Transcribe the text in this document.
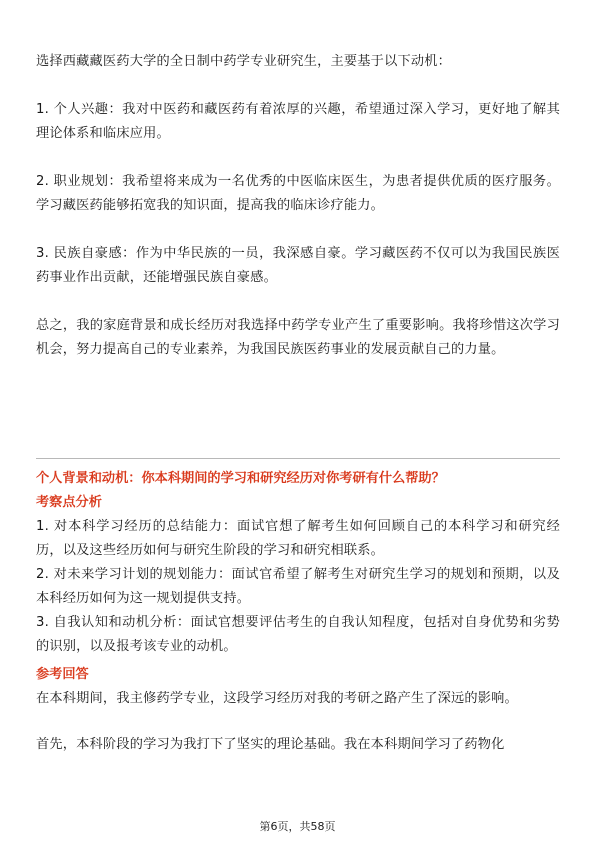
选择西藏藏医药大学的全日制中药学专业研究生，主要基于以下动机：

1. 个人兴趣：我对中医药和藏医药有着浓厚的兴趣，希望通过深入学习，更好地了解其理论体系和临床应用。

2. 职业规划：我希望将来成为一名优秀的中医临床医生，为患者提供优质的医疗服务。学习藏医药能够拓宽我的知识面，提高我的临床诊疗能力。

3. 民族自豪感：作为中华民族的一员，我深感自豪。学习藏医药不仅可以为我国民族医药事业作出贡献，还能增强民族自豪感。

总之，我的家庭背景和成长经历对我选择中药学专业产生了重要影响。我将珍惜这次学习机会，努力提高自己的专业素养，为我国民族医药事业的发展贡献自己的力量。

个人背景和动机：你本科期间的学习和研究经历对你考研有什么帮助？

考察点分析

1. 对本科学习经历的总结能力：面试官想了解考生如何回顾自己的本科学习和研究经历，以及这些经历如何与研究生阶段的学习和研究相联系。

2. 对未来学习计划的规划能力：面试官希望了解考生对研究生学习的规划和预期，以及本科经历如何为这一规划提供支持。

3. 自我认知和动机分析：面试官想要评估考生的自我认知程度，包括对自身优势和劣势的识别，以及报考该专业的动机。

参考回答

在本科期间，我主修药学专业，这段学习经历对我的考研之路产生了深远的影响。

首先，本科阶段的学习为我打下了坚实的理论基础。我在本科期间学习了药物化

第6页，共58页
